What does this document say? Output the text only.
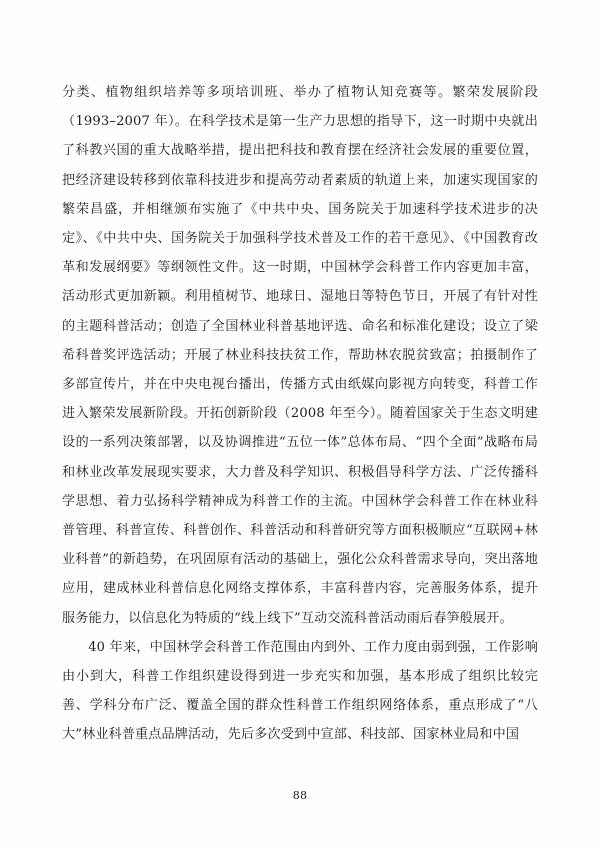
分类、植物组织培养等多项培训班、举办了植物认知竞赛等。繁荣发展阶段（1993–2007 年）。在科学技术是第一生产力思想的指导下，这一时期中央就出了科教兴国的重大战略举措，提出把科技和教育摆在经济社会发展的重要位置，把经济建设转移到依靠科技进步和提高劳动者素质的轨道上来，加速实现国家的繁荣昌盛，并相继颁布实施了《中共中央、国务院关于加速科学技术进步的决定》、《中共中央、国务院关于加强科学技术普及工作的若干意见》、《中国教育改革和发展纲要》等纲领性文件。这一时期，中国林学会科普工作内容更加丰富，活动形式更加新颖。利用植树节、地球日、湿地日等特色节日，开展了有针对性的主题科普活动；创造了全国林业科普基地评选、命名和标准化建设；设立了梁希科普奖评选活动；开展了林业科技扶贫工作，帮助林农脱贫致富；拍摄制作了多部宣传片，并在中央电视台播出，传播方式由纸媒向影视方向转变，科普工作进入繁荣发展新阶段。开拓创新阶段（2008 年至今）。随着国家关于生态文明建设的一系列决策部署，以及协调推进“五位一体”总体布局、“四个全面”战略布局和林业改革发展现实要求，大力普及科学知识、积极倡导科学方法、广泛传播科学思想、着力弘扬科学精神成为科普工作的主流。中国林学会科普工作在林业科普管理、科普宣传、科普创作、科普活动和科普研究等方面积极顺应“互联网+林业科普”的新趋势，在巩固原有活动的基础上，强化公众科普需求导向，突出落地应用，建成林业科普信息化网络支撑体系，丰富科普内容，完善服务体系，提升服务能力，以信息化为特质的“线上线下”互动交流科普活动雨后春笋般展开。

40 年来，中国林学会科普工作范围由内到外、工作力度由弱到强，工作影响由小到大，科普工作组织建设得到进一步充实和加强，基本形成了组织比较完善、学科分布广泛、覆盖全国的群众性科普工作组织网络体系，重点形成了“八大”林业科普重点品牌活动，先后多次受到中宣部、科技部、国家林业局和中国

88
